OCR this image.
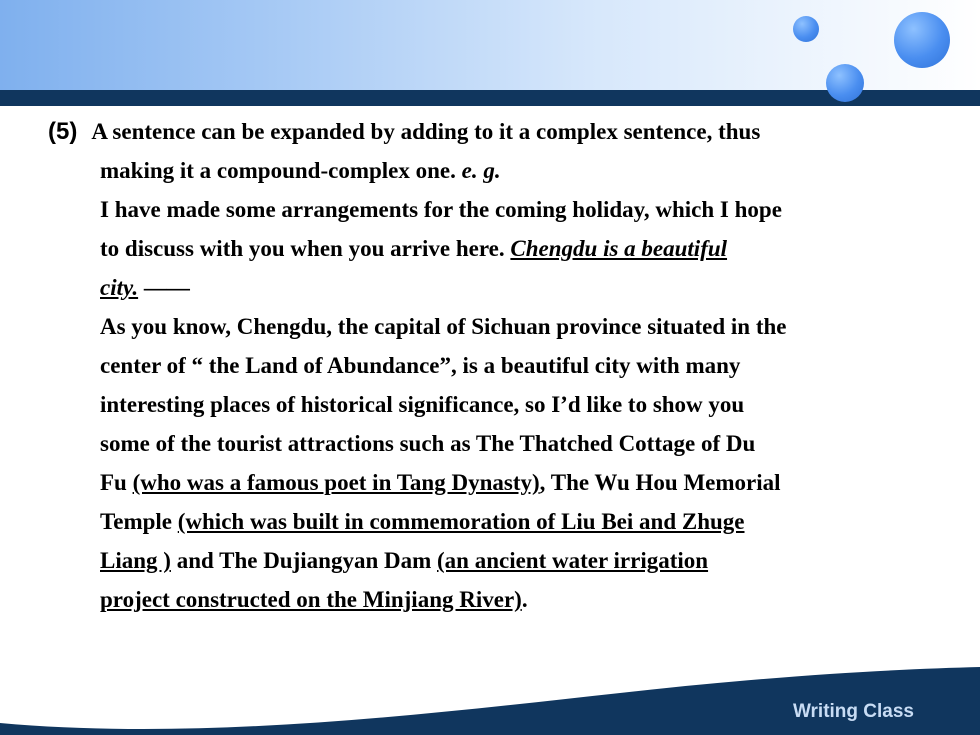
(5) A sentence can be expanded by adding to it a complex sentence, thus
making it a compound-complex one. e. g.
I have made some arrangements for the coming holiday, which I hope
to discuss with you when you arrive here. Chengdu is a beautiful
city. ——
As you know, Chengdu, the capital of Sichuan province situated in the
center of “ the Land of Abundance”, is a beautiful city with many
interesting places of historical significance, so I’d like to show you
some of the tourist attractions such as The Thatched Cottage of Du
Fu (who was a famous poet in Tang Dynasty), The Wu Hou Memorial
Temple (which was built in commemoration of Liu Bei and Zhuge
Liang ) and The Dujiangyan Dam (an ancient water irrigation
project constructed on the Minjiang River).
Writing Class
